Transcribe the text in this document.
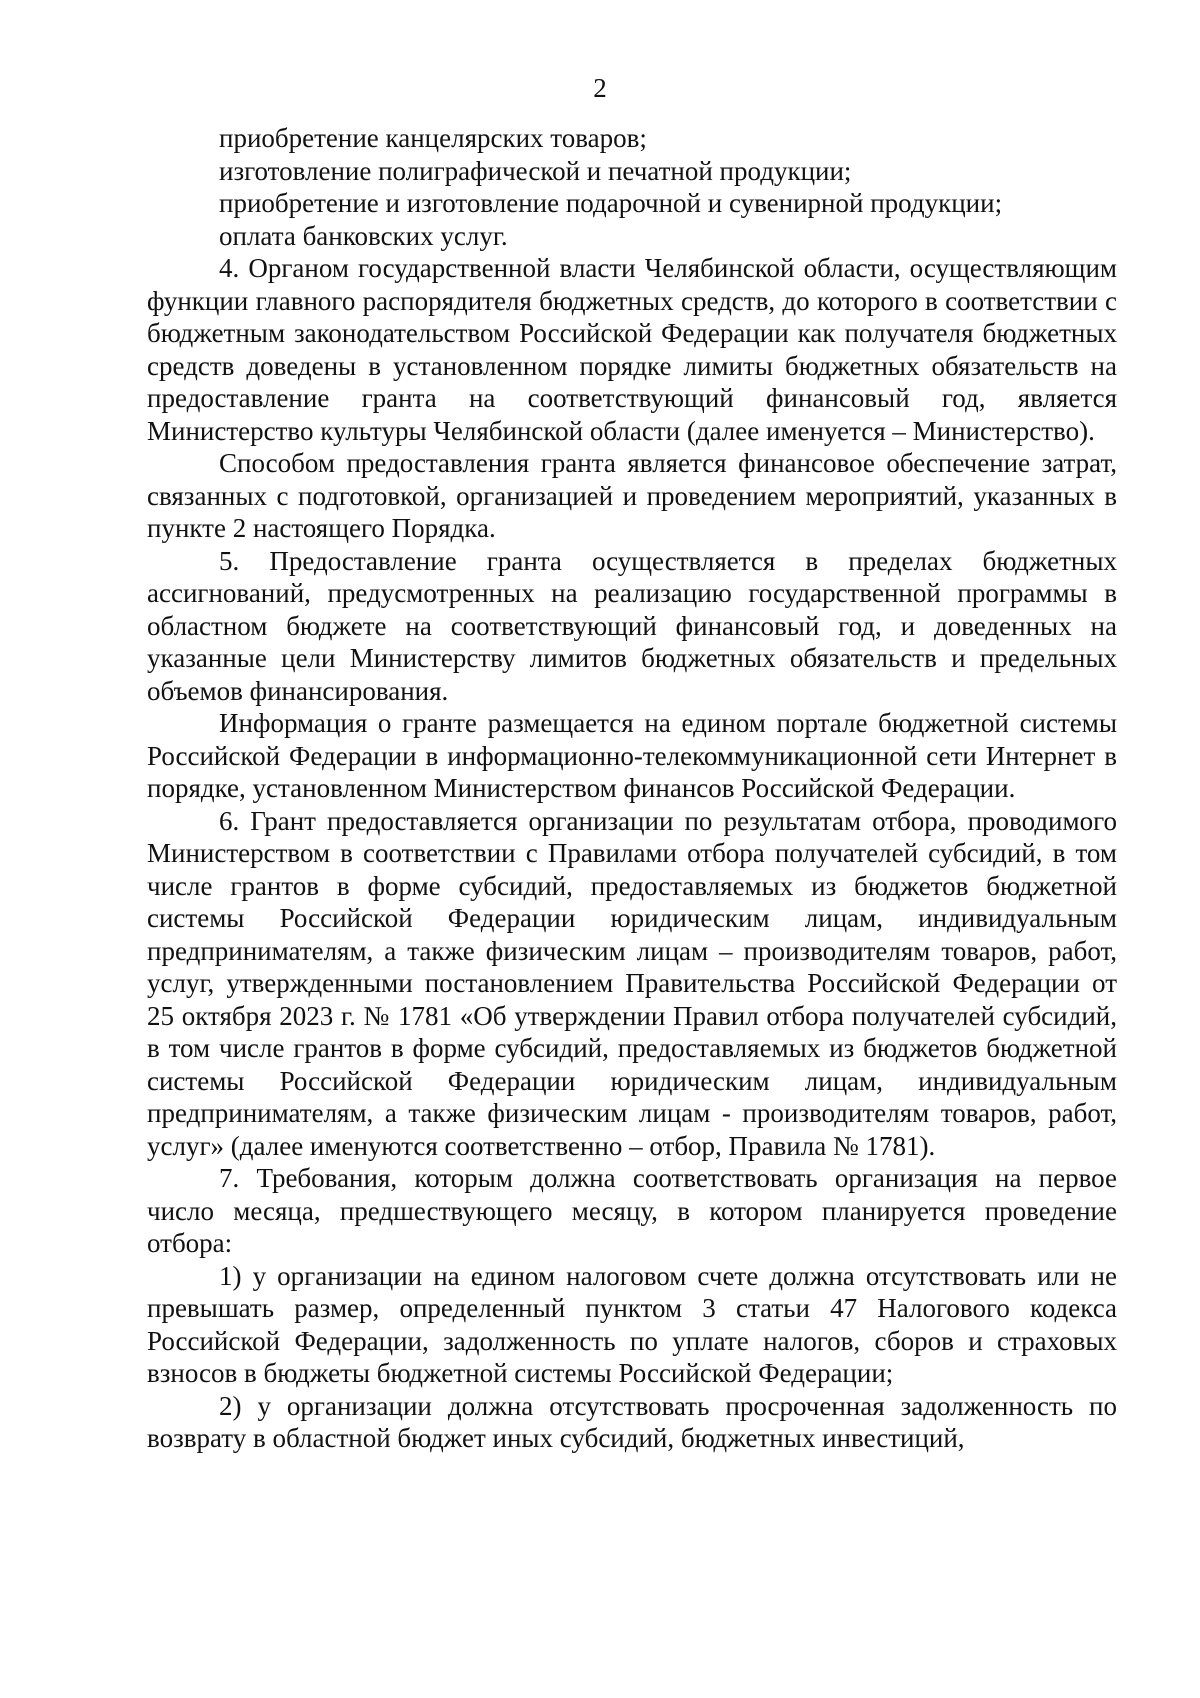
2

приобретение канцелярских товаров;

изготовление полиграфической и печатной продукции;

приобретение и изготовление подарочной и сувенирной продукции;

оплата банковских услуг.

4. Органом государственной власти Челябинской области, осуществляющим функции главного распорядителя бюджетных средств, до которого в соответствии с бюджетным законодательством Российской Федерации как получателя бюджетных средств доведены в установленном порядке лимиты бюджетных обязательств на предоставление гранта на соответствующий финансовый год, является Министерство культуры Челябинской области (далее именуется – Министерство).

Способом предоставления гранта является финансовое обеспечение затрат, связанных с подготовкой, организацией и проведением мероприятий, указанных в пункте 2 настоящего Порядка.

5. Предоставление гранта осуществляется в пределах бюджетных ассигнований, предусмотренных на реализацию государственной программы в областном бюджете на соответствующий финансовый год, и доведенных на указанные цели Министерству лимитов бюджетных обязательств и предельных объемов финансирования.

Информация о гранте размещается на едином портале бюджетной системы Российской Федерации в информационно-телекоммуникационной сети Интернет в порядке, установленном Министерством финансов Российской Федерации.

6. Грант предоставляется организации по результатам отбора, проводимого Министерством в соответствии с Правилами отбора получателей субсидий, в том числе грантов в форме субсидий, предоставляемых из бюджетов бюджетной системы Российской Федерации юридическим лицам, индивидуальным предпринимателям, а также физическим лицам – производителям товаров, работ, услуг, утвержденными постановлением Правительства Российской Федерации от 25 октября 2023 г. № 1781 «Об утверждении Правил отбора получателей субсидий, в том числе грантов в форме субсидий, предоставляемых из бюджетов бюджетной системы Российской Федерации юридическим лицам, индивидуальным предпринимателям, а также физическим лицам - производителям товаров, работ, услуг» (далее именуются соответственно – отбор, Правила № 1781).

7. Требования, которым должна соответствовать организация на первое число месяца, предшествующего месяцу, в котором планируется проведение отбора:

1) у организации на едином налоговом счете должна отсутствовать или не превышать размер, определенный пунктом 3 статьи 47 Налогового кодекса Российской Федерации, задолженность по уплате налогов, сборов и страховых взносов в бюджеты бюджетной системы Российской Федерации;

2) у организации должна отсутствовать просроченная задолженность по возврату в областной бюджет иных субсидий, бюджетных инвестиций,
